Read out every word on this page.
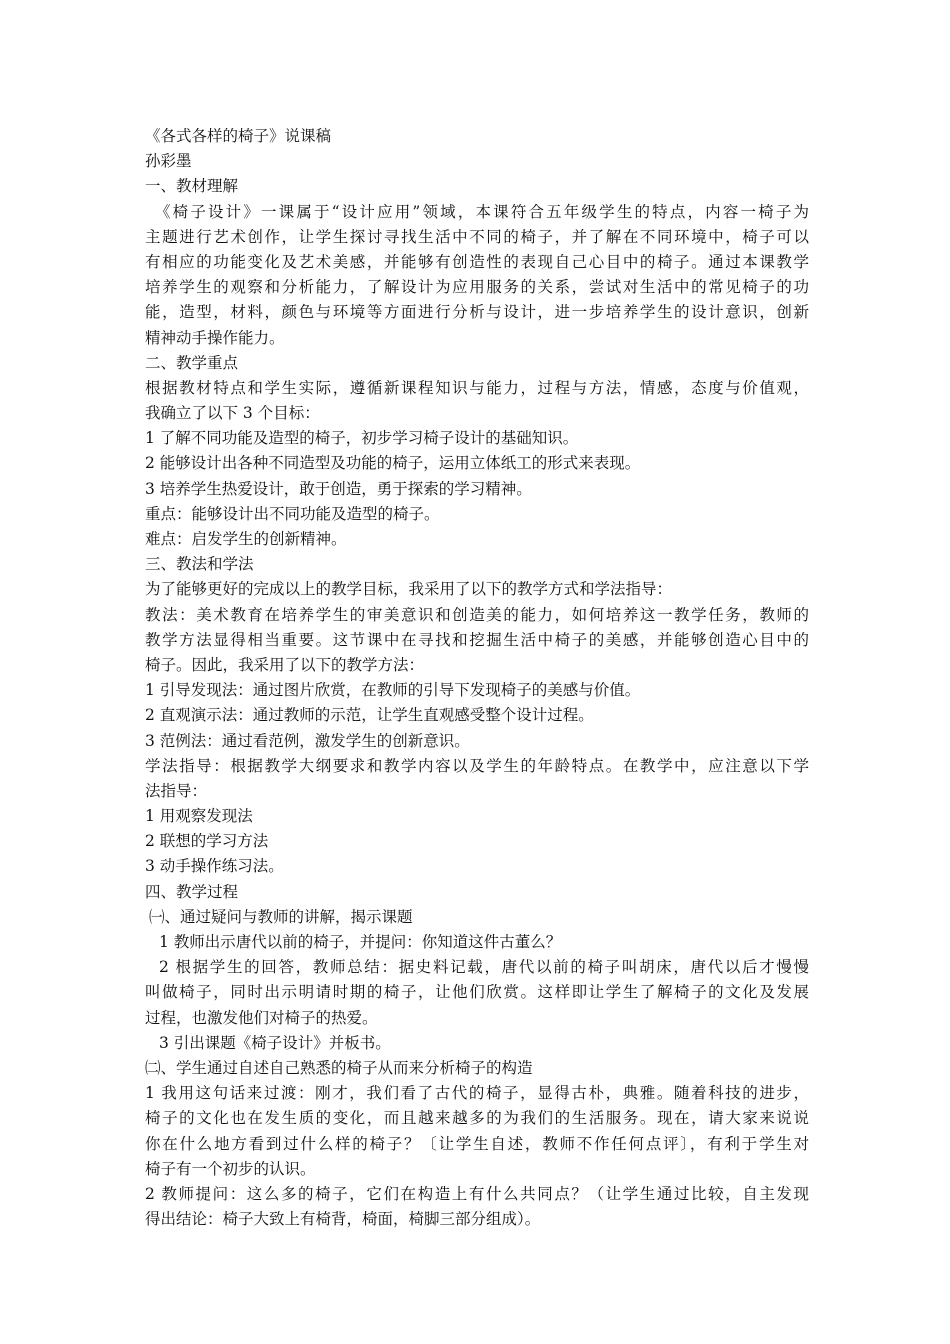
《各式各样的椅子》说课稿
孙彩墨
一、教材理解
《椅子设计》一课属于“设计应用”领域，本课符合五年级学生的特点，内容一椅子为
主题进行艺术创作，让学生探讨寻找生活中不同的椅子，并了解在不同环境中，椅子可以
有相应的功能变化及艺术美感，并能够有创造性的表现自己心目中的椅子。通过本课教学
培养学生的观察和分析能力，了解设计为应用服务的关系，尝试对生活中的常见椅子的功
能，造型，材料，颜色与环境等方面进行分析与设计，进一步培养学生的设计意识，创新
精神动手操作能力。
二、教学重点
根据教材特点和学生实际，遵循新课程知识与能力，过程与方法，情感，态度与价值观，
我确立了以下 3 个目标：
1 了解不同功能及造型的椅子，初步学习椅子设计的基础知识。
2 能够设计出各种不同造型及功能的椅子，运用立体纸工的形式来表现。
3 培养学生热爱设计，敢于创造，勇于探索的学习精神。
重点：能够设计出不同功能及造型的椅子。
难点：启发学生的创新精神。
三、教法和学法
为了能够更好的完成以上的教学目标，我采用了以下的教学方式和学法指导：
教法：美术教育在培养学生的审美意识和创造美的能力，如何培养这一教学任务，教师的
教学方法显得相当重要。这节课中在寻找和挖掘生活中椅子的美感，并能够创造心目中的
椅子。因此，我采用了以下的教学方法：
1 引导发现法：通过图片欣赏，在教师的引导下发现椅子的美感与价值。
2 直观演示法：通过教师的示范，让学生直观感受整个设计过程。
3 范例法：通过看范例，激发学生的创新意识。
学法指导：根据教学大纲要求和教学内容以及学生的年龄特点。在教学中，应注意以下学
法指导：
1 用观察发现法
2 联想的学习方法
3 动手操作练习法。
四、教学过程
㈠、通过疑问与教师的讲解，揭示课题
1 教师出示唐代以前的椅子，并提问：你知道这件古董么？
2 根据学生的回答，教师总结：据史料记载，唐代以前的椅子叫胡床，唐代以后才慢慢
叫做椅子，同时出示明请时期的椅子，让他们欣赏。这样即让学生了解椅子的文化及发展
过程，也激发他们对椅子的热爱。
3 引出课题《椅子设计》并板书。
㈡、学生通过自述自己熟悉的椅子从而来分析椅子的构造
1 我用这句话来过渡：刚才，我们看了古代的椅子，显得古朴，典雅。随着科技的进步，
椅子的文化也在发生质的变化，而且越来越多的为我们的生活服务。现在，请大家来说说
你在什么地方看到过什么样的椅子？〔让学生自述，教师不作任何点评〕，有利于学生对
椅子有一个初步的认识。
2 教师提问：这么多的椅子，它们在构造上有什么共同点？（让学生通过比较，自主发现
得出结论：椅子大致上有椅背，椅面，椅脚三部分组成）。
